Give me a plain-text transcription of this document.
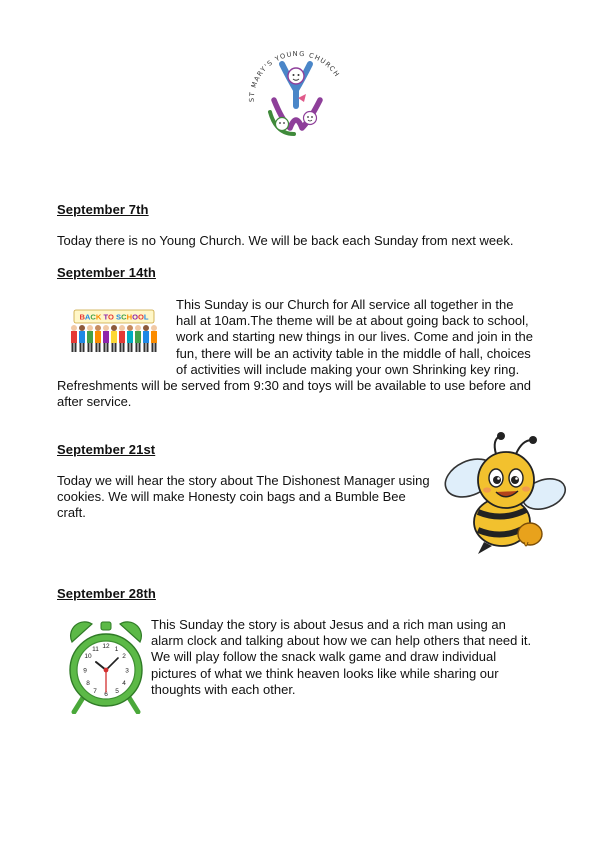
ST MARY'S YOUNG CHURCH
September 7th
Today there is no Young Church. We will be back each Sunday from next week.
September 14th
BACK TO SCHOOL
This Sunday is our Church for All service all together in the
hall at 10am.The theme will be at about going back to school,
work and starting new things in our lives. Come and join in the
fun, there will be an activity table in the middle of hall, choices
of activities will include making your own Shrinking key ring.
Refreshments will be served from 9:30 and toys will be available to use before and
after service.
September 21st
Today we will hear the story about The Dishonest Manager using
cookies. We will make Honesty coin bags and a Bumble Bee
craft.
September 28th
12 1
2
3
4
5
6
7
8
9
10
11
This Sunday the story is about Jesus and a rich man using an
alarm clock and talking about how we can help others that need it.
We will play follow the snack walk game and draw individual
pictures of what we think heaven looks like while sharing our
thoughts with each other.
